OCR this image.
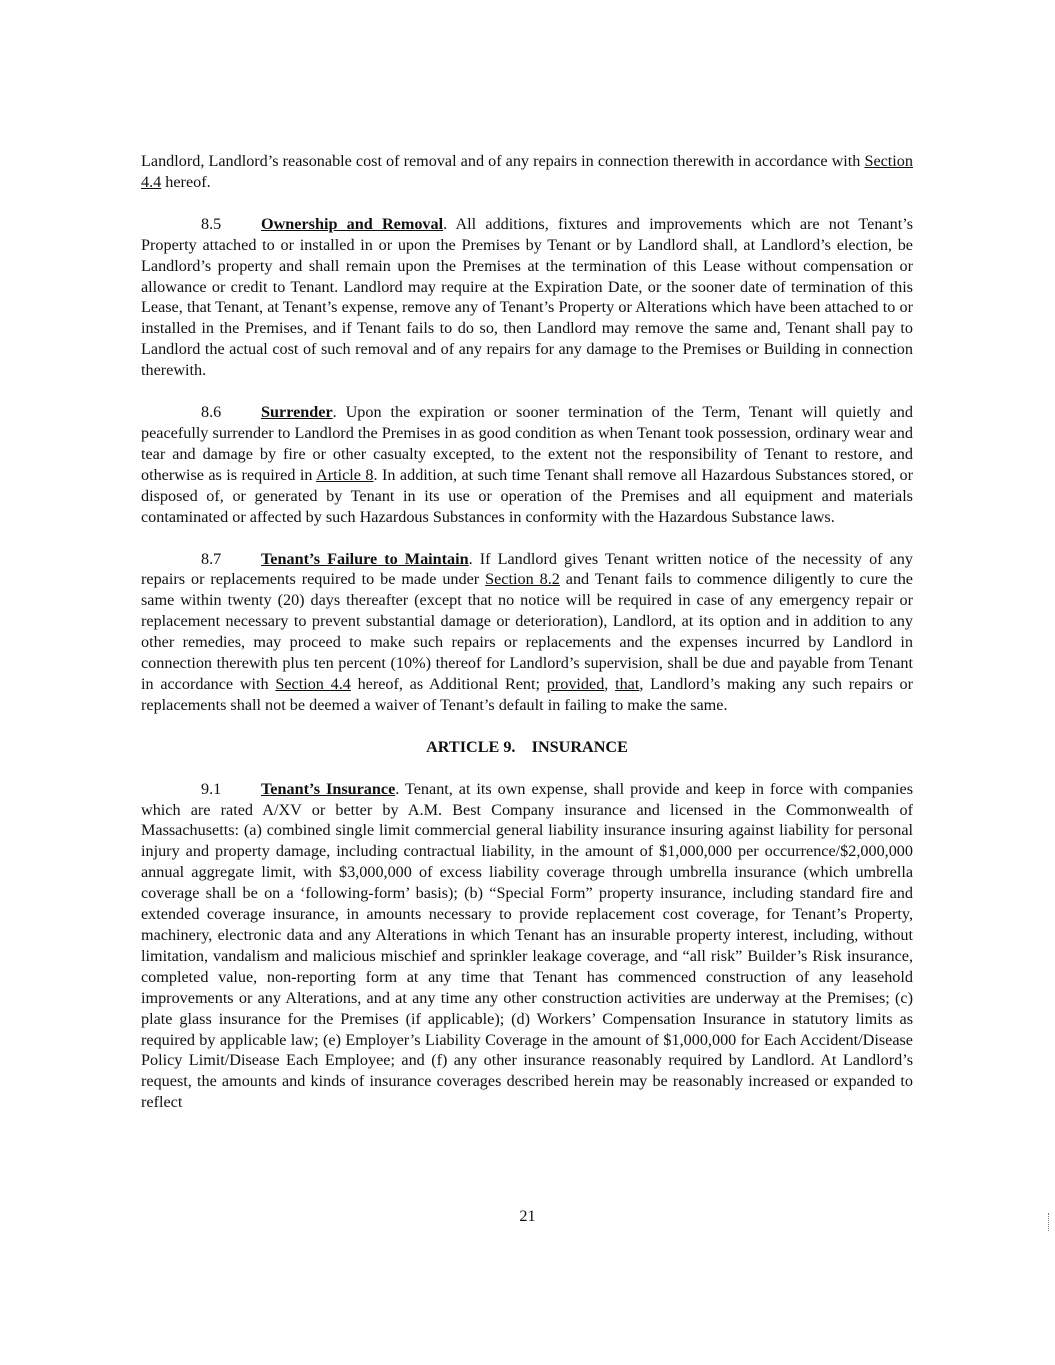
Landlord, Landlord’s reasonable cost of removal and of any repairs in connection therewith in accordance with Section 4.4 hereof.

8.5 Ownership and Removal. All additions, fixtures and improvements which are not Tenant’s Property attached to or installed in or upon the Premises by Tenant or by Landlord shall, at Landlord’s election, be Landlord’s property and shall remain upon the Premises at the termination of this Lease without compensation or allowance or credit to Tenant. Landlord may require at the Expiration Date, or the sooner date of termination of this Lease, that Tenant, at Tenant’s expense, remove any of Tenant’s Property or Alterations which have been attached to or installed in the Premises, and if Tenant fails to do so, then Landlord may remove the same and, Tenant shall pay to Landlord the actual cost of such removal and of any repairs for any damage to the Premises or Building in connection therewith.

8.6 Surrender. Upon the expiration or sooner termination of the Term, Tenant will quietly and peacefully surrender to Landlord the Premises in as good condition as when Tenant took possession, ordinary wear and tear and damage by fire or other casualty excepted, to the extent not the responsibility of Tenant to restore, and otherwise as is required in Article 8. In addition, at such time Tenant shall remove all Hazardous Substances stored, or disposed of, or generated by Tenant in its use or operation of the Premises and all equipment and materials contaminated or affected by such Hazardous Substances in conformity with the Hazardous Substance laws.

8.7 Tenant’s Failure to Maintain. If Landlord gives Tenant written notice of the necessity of any repairs or replacements required to be made under Section 8.2 and Tenant fails to commence diligently to cure the same within twenty (20) days thereafter (except that no notice will be required in case of any emergency repair or replacement necessary to prevent substantial damage or deterioration), Landlord, at its option and in addition to any other remedies, may proceed to make such repairs or replacements and the expenses incurred by Landlord in connection therewith plus ten percent (10%) thereof for Landlord’s supervision, shall be due and payable from Tenant in accordance with Section 4.4 hereof, as Additional Rent; provided, that, Landlord’s making any such repairs or replacements shall not be deemed a waiver of Tenant’s default in failing to make the same.

ARTICLE 9.    INSURANCE

9.1 Tenant’s Insurance. Tenant, at its own expense, shall provide and keep in force with companies which are rated A/XV or better by A.M. Best Company insurance and licensed in the Commonwealth of Massachusetts: (a) combined single limit commercial general liability insurance insuring against liability for personal injury and property damage, including contractual liability, in the amount of $1,000,000 per occurrence/$2,000,000 annual aggregate limit, with $3,000,000 of excess liability coverage through umbrella insurance (which umbrella coverage shall be on a ‘following-form’ basis); (b) “Special Form” property insurance, including standard fire and extended coverage insurance, in amounts necessary to provide replacement cost coverage, for Tenant’s Property, machinery, electronic data and any Alterations in which Tenant has an insurable property interest, including, without limitation, vandalism and malicious mischief and sprinkler leakage coverage, and “all risk” Builder’s Risk insurance, completed value, non-reporting form at any time that Tenant has commenced construction of any leasehold improvements or any Alterations, and at any time any other construction activities are underway at the Premises; (c) plate glass insurance for the Premises (if applicable); (d) Workers’ Compensation Insurance in statutory limits as required by applicable law; (e) Employer’s Liability Coverage in the amount of $1,000,000 for Each Accident/Disease Policy Limit/Disease Each Employee; and (f) any other insurance reasonably required by Landlord. At Landlord’s request, the amounts and kinds of insurance coverages described herein may be reasonably increased or expanded to reflect

21
